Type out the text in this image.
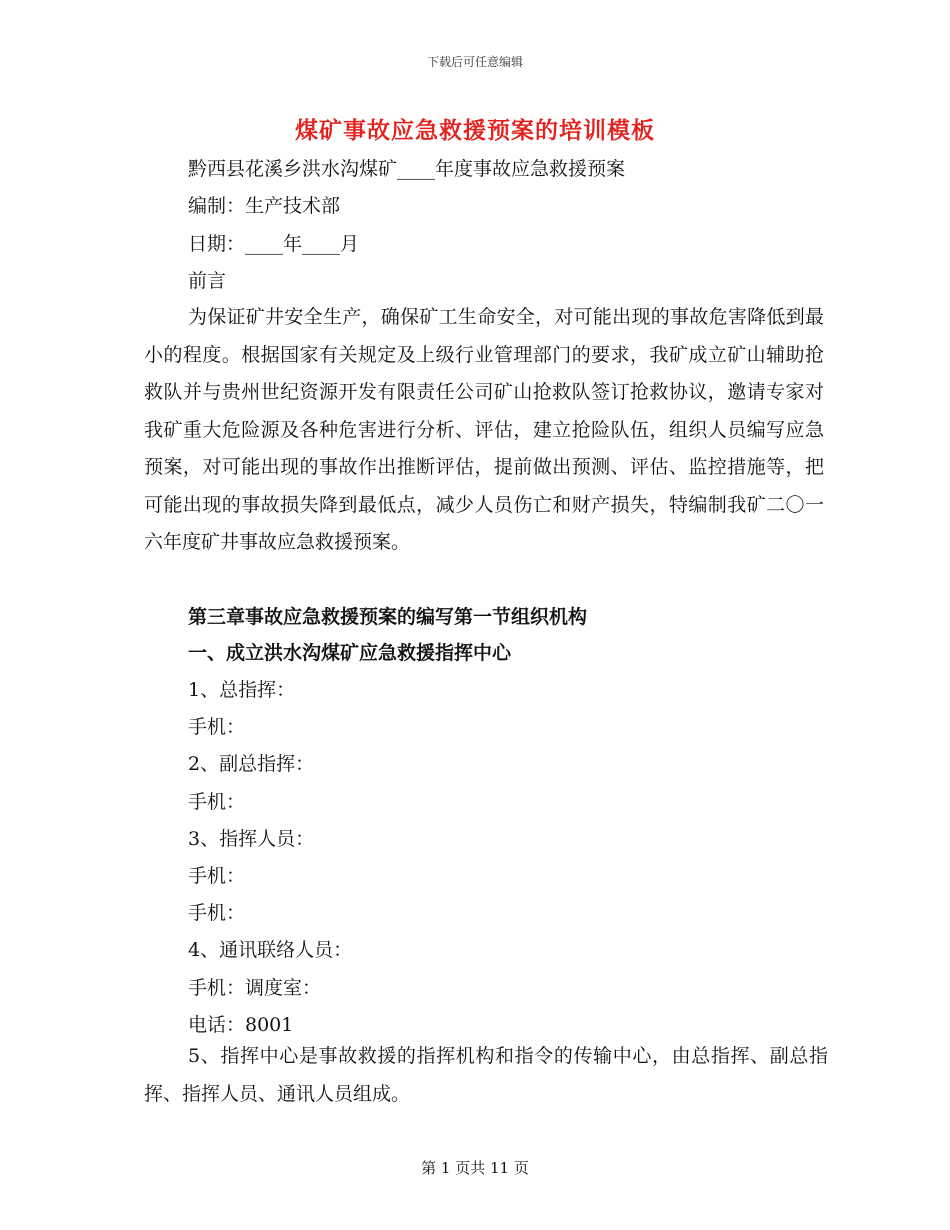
下载后可任意编辑
煤矿事故应急救援预案的培训模板
黔西县花溪乡洪水沟煤矿____年度事故应急救援预案
编制：生产技术部
日期：____年____月
前言

为保证矿井安全生产，确保矿工生命安全，对可能出现的事故危害降低到最小的程度。根据国家有关规定及上级行业管理部门的要求，我矿成立矿山辅助抢救队并与贵州世纪资源开发有限责任公司矿山抢救队签订抢救协议，邀请专家对我矿重大危险源及各种危害进行分析、评估，建立抢险队伍，组织人员编写应急预案，对可能出现的事故作出推断评估，提前做出预测、评估、监控措施等，把可能出现的事故损失降到最低点，减少人员伤亡和财产损失，特编制我矿二〇一六年度矿井事故应急救援预案。

第三章事故应急救援预案的编写第一节组织机构
一、成立洪水沟煤矿应急救援指挥中心
1、总指挥：
手机：
2、副总指挥：
手机：
3、指挥人员：
手机：
手机：
4、通讯联络人员：
手机：调度室：
电话：8001

5、指挥中心是事故救援的指挥机构和指令的传输中心，由总指挥、副总指挥、指挥人员、通讯人员组成。

第 1 页共 11 页
